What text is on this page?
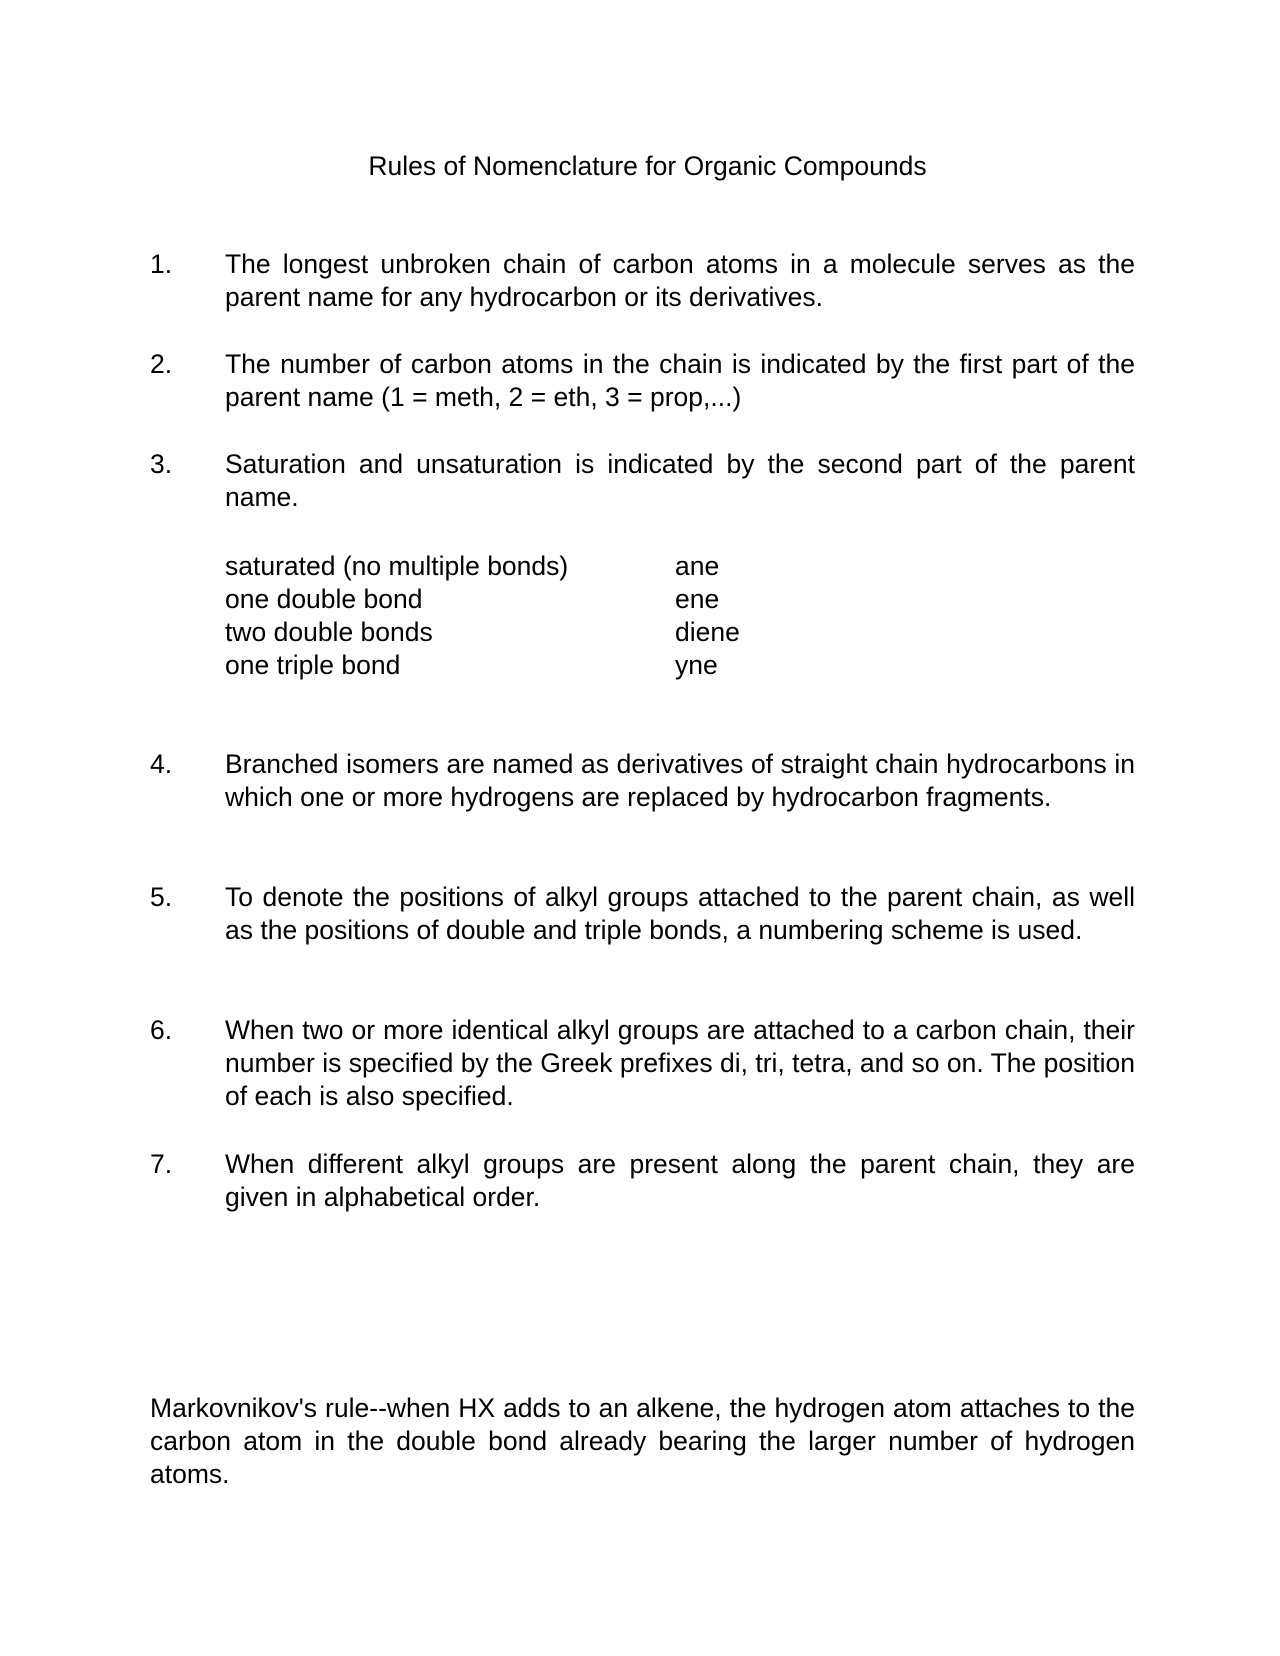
Rules of Nomenclature for Organic Compounds
1.	The longest unbroken chain of carbon atoms in a molecule serves as the parent name for any hydrocarbon or its derivatives.
2.	The number of carbon atoms in the chain is indicated by the first part of the parent name (1 = meth, 2 = eth, 3 = prop,...)
3.	Saturation and unsaturation is indicated by the second part of the parent name.
saturated (no multiple bonds)	ane
one double bond	ene
two double bonds	diene
one triple bond	yne
4.	Branched isomers are named as derivatives of straight chain hydrocarbons in which one or more hydrogens are replaced by hydrocarbon fragments.
5.	To denote the positions of alkyl groups attached to the parent chain, as well as the positions of double and triple bonds, a numbering scheme is used.
6.	When two or more identical alkyl groups are attached to a carbon chain, their number is specified by the Greek prefixes di, tri, tetra, and so on. The position of each is also specified.
7.	When different alkyl groups are present along the parent chain, they are given in alphabetical order.
Markovnikov's rule--when HX adds to an alkene, the hydrogen atom attaches to the carbon atom in the double bond already bearing the larger number of hydrogen atoms.
